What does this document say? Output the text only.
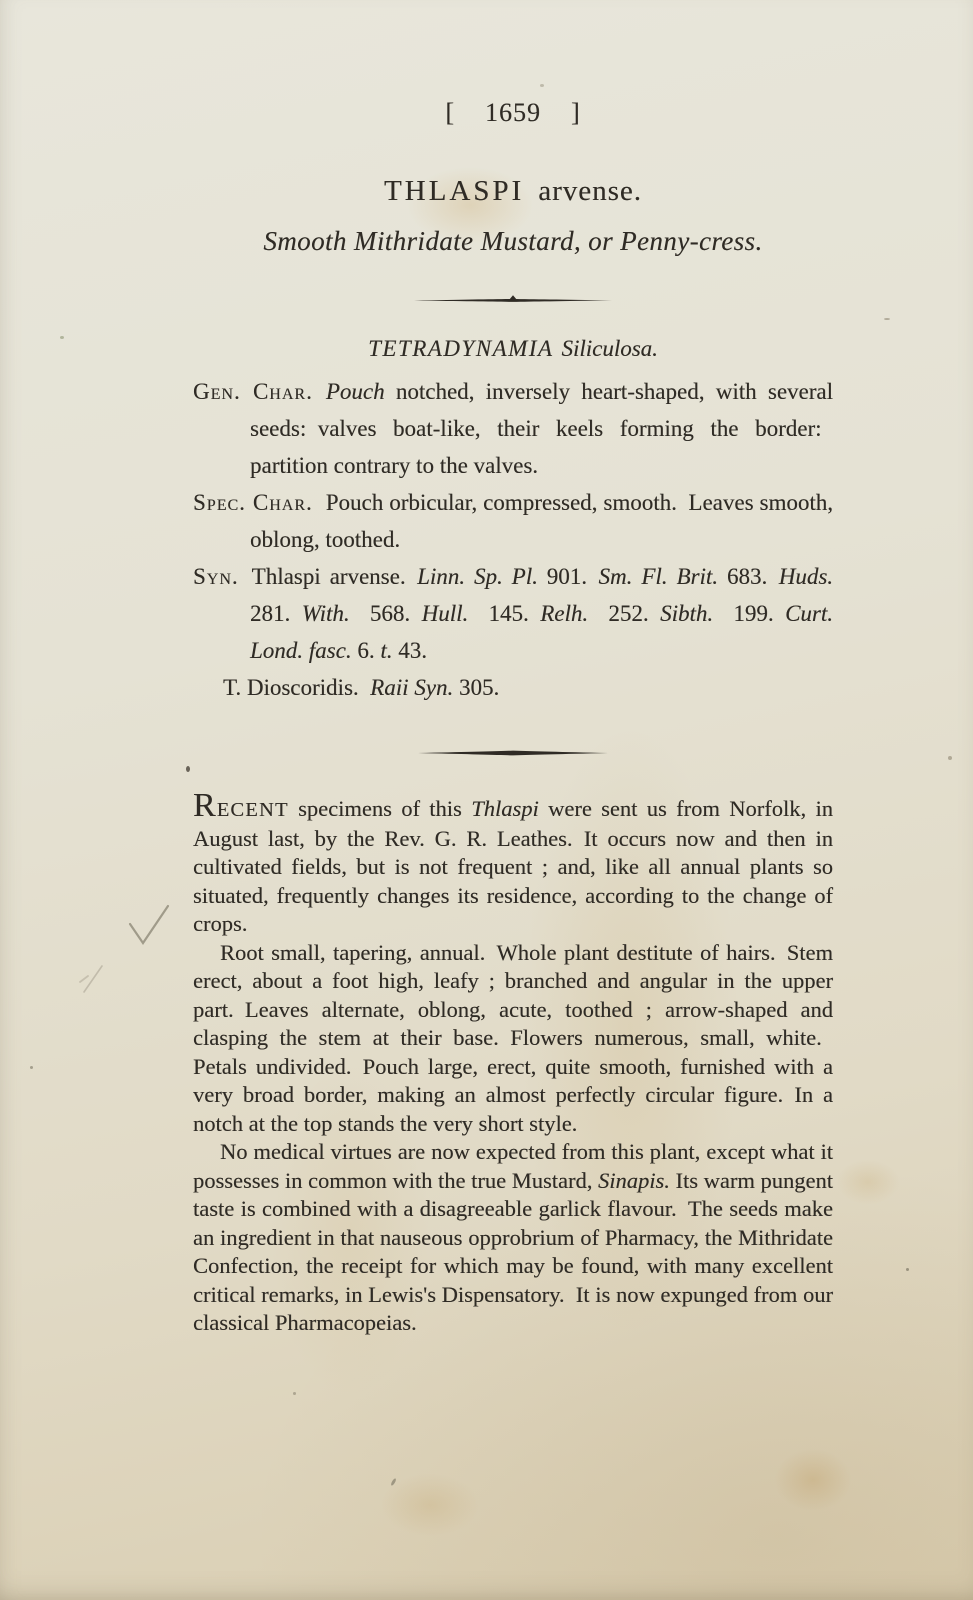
[ 1659 ]
THLASPI arvense.
Smooth Mithridate Mustard, or Penny-cress.
TETRADYNAMIA Siliculosa.

Gen. Char. Pouch notched, inversely heart-shaped, with several seeds: valves boat-like, their keels forming the border: partition contrary to the valves.

Spec. Char. Pouch orbicular, compressed, smooth. Leaves smooth, oblong, toothed.

Syn. Thlaspi arvense. Linn. Sp. Pl. 901. Sm. Fl. Brit. 683. Huds. 281. With. 568. Hull. 145. Relh. 252. Sibth. 199. Curt. Lond. fasc. 6. t. 43.

T. Dioscoridis. Raii Syn. 305.

RECENT specimens of this Thlaspi were sent us from Norfolk, in August last, by the Rev. G. R. Leathes. It occurs now and then in cultivated fields, but is not frequent ; and, like all annual plants so situated, frequently changes its residence, according to the change of crops.

Root small, tapering, annual. Whole plant destitute of hairs. Stem erect, about a foot high, leafy ; branched and angular in the upper part. Leaves alternate, oblong, acute, toothed ; arrow-shaped and clasping the stem at their base. Flowers numerous, small, white. Petals undivided. Pouch large, erect, quite smooth, furnished with a very broad border, making an almost perfectly circular figure. In a notch at the top stands the very short style.

No medical virtues are now expected from this plant, except what it possesses in common with the true Mustard, Sinapis. Its warm pungent taste is combined with a disagreeable garlick flavour. The seeds make an ingredient in that nauseous opprobrium of Pharmacy, the Mithridate Confection, the receipt for which may be found, with many excellent critical remarks, in Lewis's Dispensatory. It is now expunged from our classical Pharmacopeias.
